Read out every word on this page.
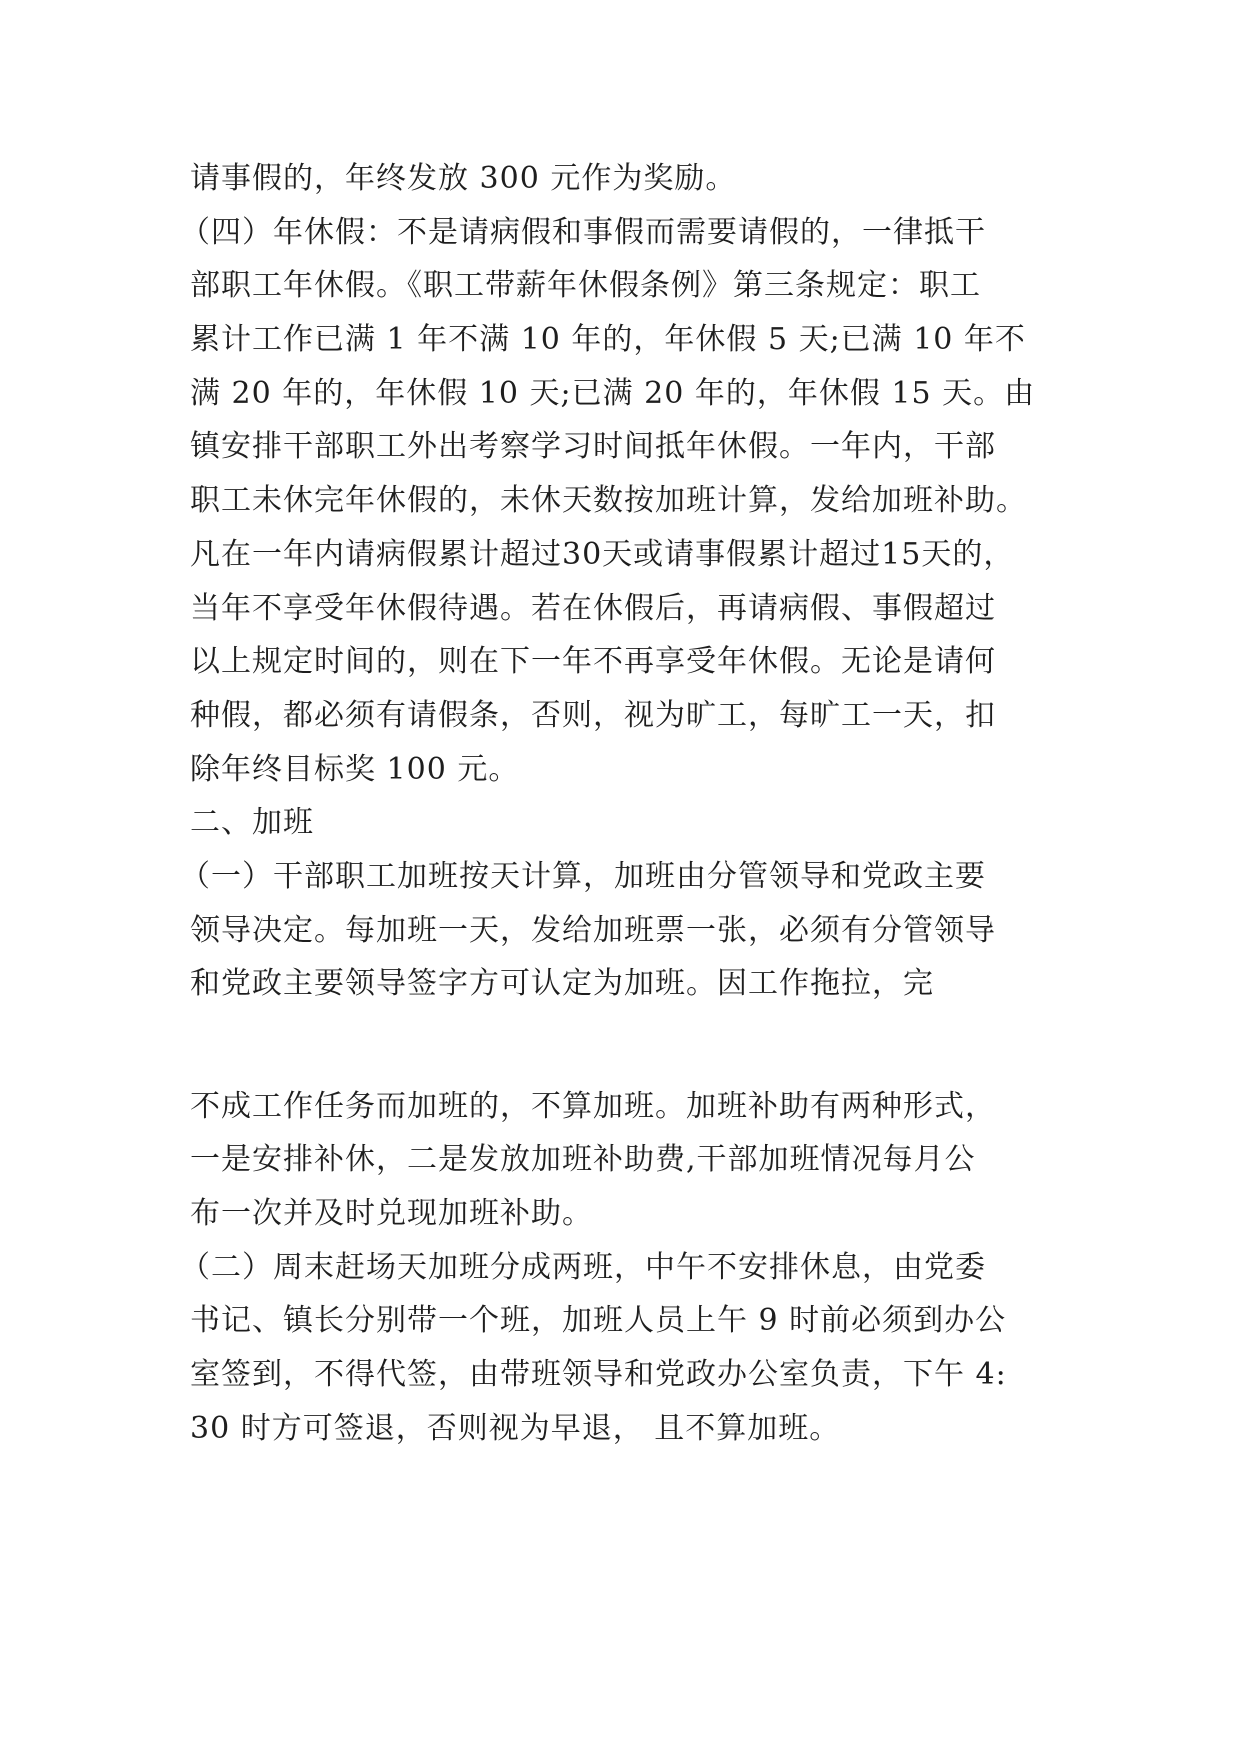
请事假的，年终发放 300 元作为奖励。

（四）年休假：不是请病假和事假而需要请假的，一律抵干

部职工年休假。《职工带薪年休假条例》第三条规定：职工

累计工作已满 1 年不满 10 年的，年休假 5 天;已满 10 年不

满 20 年的，年休假 10 天;已满 20 年的，年休假 15 天。由

镇安排干部职工外出考察学习时间抵年休假。一年内，干部

职工未休完年休假的，未休天数按加班计算，发给加班补助。

凡在一年内请病假累计超过30天或请事假累计超过15天的，

当年不享受年休假待遇。若在休假后，再请病假、事假超过

以上规定时间的，则在下一年不再享受年休假。无论是请何

种假，都必须有请假条，否则，视为旷工，每旷工一天，扣

除年终目标奖 100 元。

二、加班

（一）干部职工加班按天计算，加班由分管领导和党政主要

领导决定。每加班一天，发给加班票一张，必须有分管领导

和党政主要领导签字方可认定为加班。因工作拖拉，完

不成工作任务而加班的，不算加班。加班补助有两种形式，

一是安排补休，二是发放加班补助费,干部加班情况每月公

布一次并及时兑现加班补助。

（二）周末赶场天加班分成两班，中午不安排休息，由党委

书记、镇长分别带一个班，加班人员上午 9 时前必须到办公

室签到，不得代签，由带班领导和党政办公室负责，下午 4:

30 时方可签退，否则视为早退， 且不算加班。
